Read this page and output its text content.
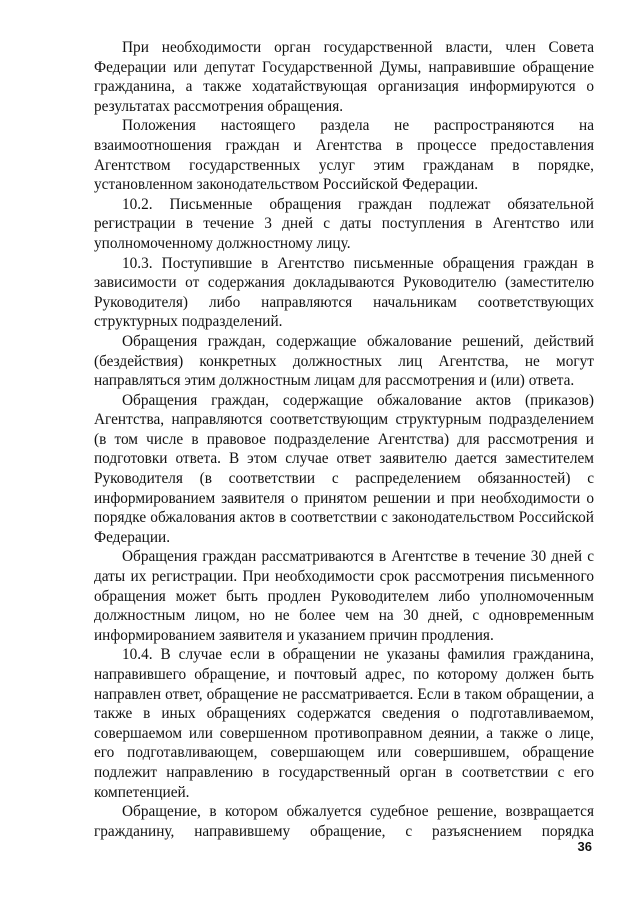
При необходимости орган государственной власти, член Совета Федерации или депутат Государственной Думы, направившие обращение гражданина, а также ходатайствующая организация информируются о результатах рассмотрения обращения.

Положения настоящего раздела не распространяются на взаимоотношения граждан и Агентства в процессе предоставления Агентством государственных услуг этим гражданам в порядке, установленном законодательством Российской Федерации.

10.2. Письменные обращения граждан подлежат обязательной регистрации в течение 3 дней с даты поступления в Агентство или уполномоченному должностному лицу.

10.3. Поступившие в Агентство письменные обращения граждан в зависимости от содержания докладываются Руководителю (заместителю Руководителя) либо направляются начальникам соответствующих структурных подразделений.

Обращения граждан, содержащие обжалование решений, действий (бездействия) конкретных должностных лиц Агентства, не могут направляться этим должностным лицам для рассмотрения и (или) ответа.

Обращения граждан, содержащие обжалование актов (приказов) Агентства, направляются соответствующим структурным подразделением (в том числе в правовое подразделение Агентства) для рассмотрения и подготовки ответа. В этом случае ответ заявителю дается заместителем Руководителя (в соответствии с распределением обязанностей) с информированием заявителя о принятом решении и при необходимости о порядке обжалования актов в соответствии с законодательством Российской Федерации.

Обращения граждан рассматриваются в Агентстве в течение 30 дней с даты их регистрации. При необходимости срок рассмотрения письменного обращения может быть продлен Руководителем либо уполномоченным должностным лицом, но не более чем на 30 дней, с одновременным информированием заявителя и указанием причин продления.

10.4. В случае если в обращении не указаны фамилия гражданина, направившего обращение, и почтовый адрес, по которому должен быть направлен ответ, обращение не рассматривается. Если в таком обращении, а также в иных обращениях содержатся сведения о подготавливаемом, совершаемом или совершенном противоправном деянии, а также о лице, его подготавливающем, совершающем или совершившем, обращение подлежит направлению в государственный орган в соответствии с его компетенцией.

Обращение, в котором обжалуется судебное решение, возвращается гражданину, направившему обращение, с разъяснением порядка

36
